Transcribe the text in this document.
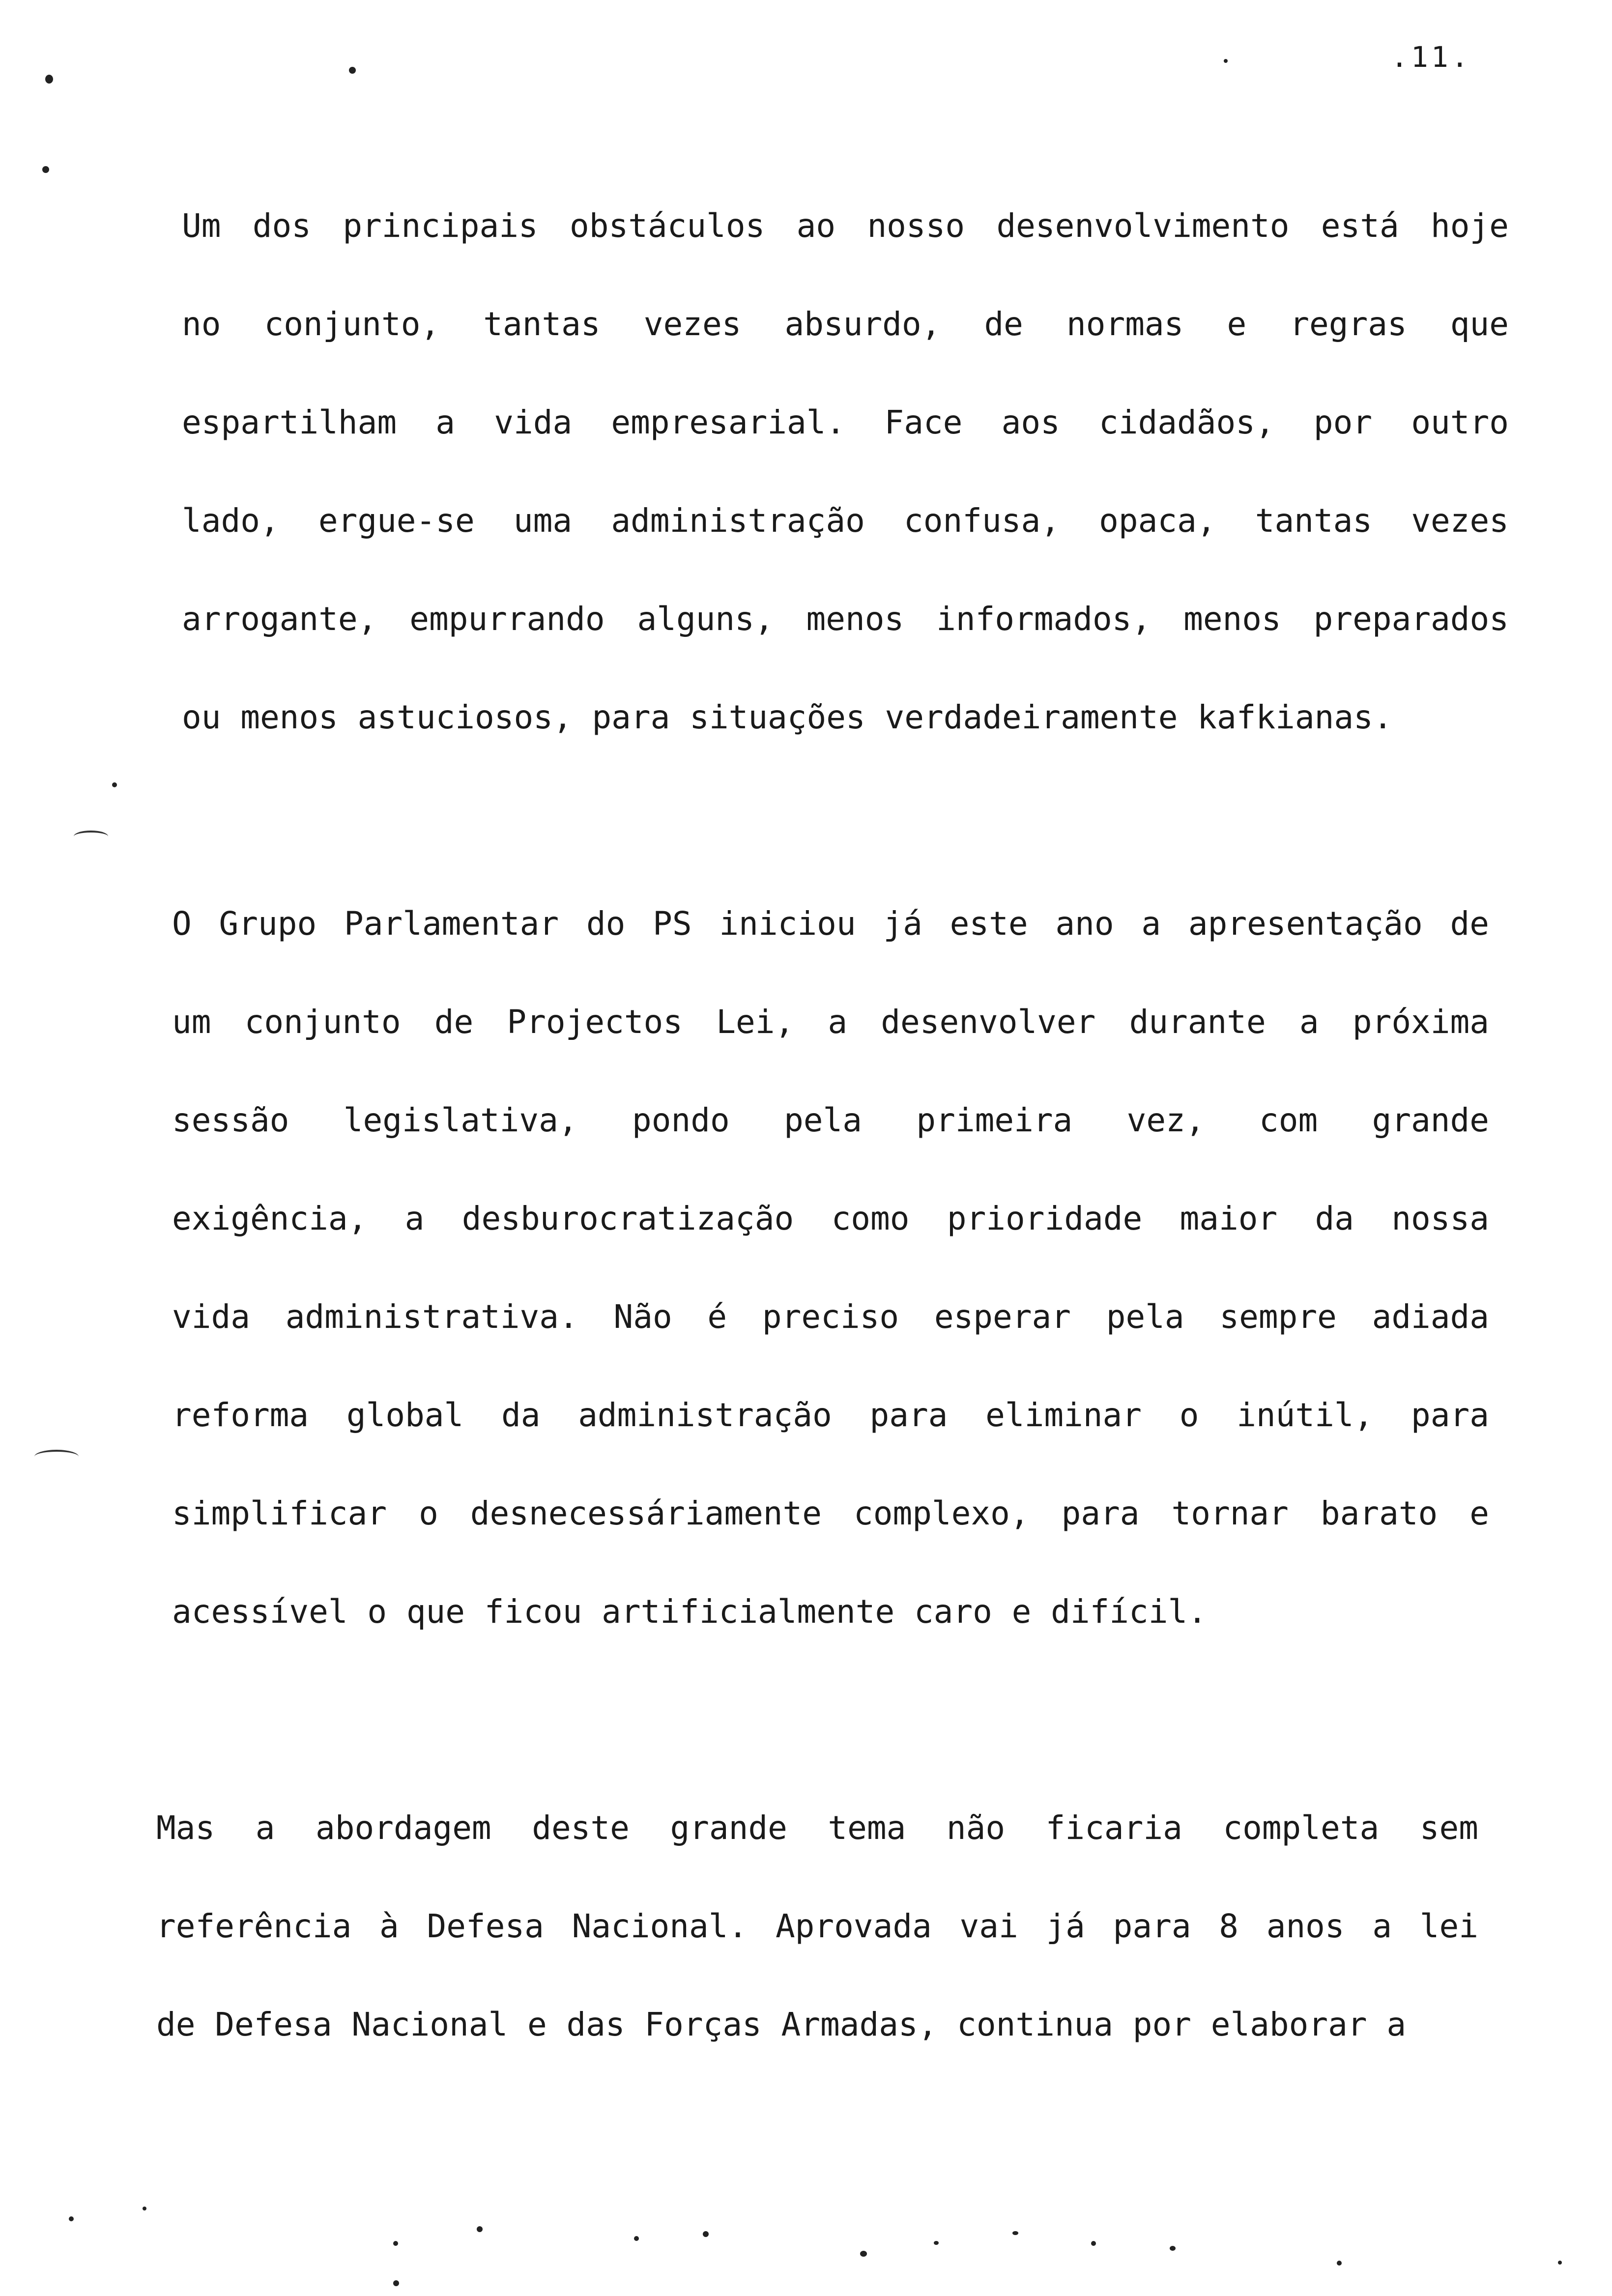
.11.
Um dos principais obstáculos ao nosso desenvolvimento está hoje
no conjunto, tantas vezes absurdo, de normas e regras que
espartilham a vida empresarial. Face aos cidadãos, por outro
lado, ergue-se uma administração confusa, opaca, tantas vezes
arrogante, empurrando alguns, menos informados, menos preparados
ou menos astuciosos, para situações verdadeiramente kafkianas.
O Grupo Parlamentar do PS iniciou já este ano a apresentação de
um conjunto de Projectos Lei, a desenvolver durante a próxima
sessão legislativa, pondo pela primeira vez, com grande
exigência, a desburocratização como prioridade maior da nossa
vida administrativa. Não é preciso esperar pela sempre adiada
reforma global da administração para eliminar o inútil, para
simplificar o desnecessáriamente complexo, para tornar barato e
acessível o que ficou artificialmente caro e difícil.
Mas a abordagem deste grande tema não ficaria completa sem
referência à Defesa Nacional. Aprovada vai já para 8 anos a lei
de Defesa Nacional e das Forças Armadas, continua por elaborar a
